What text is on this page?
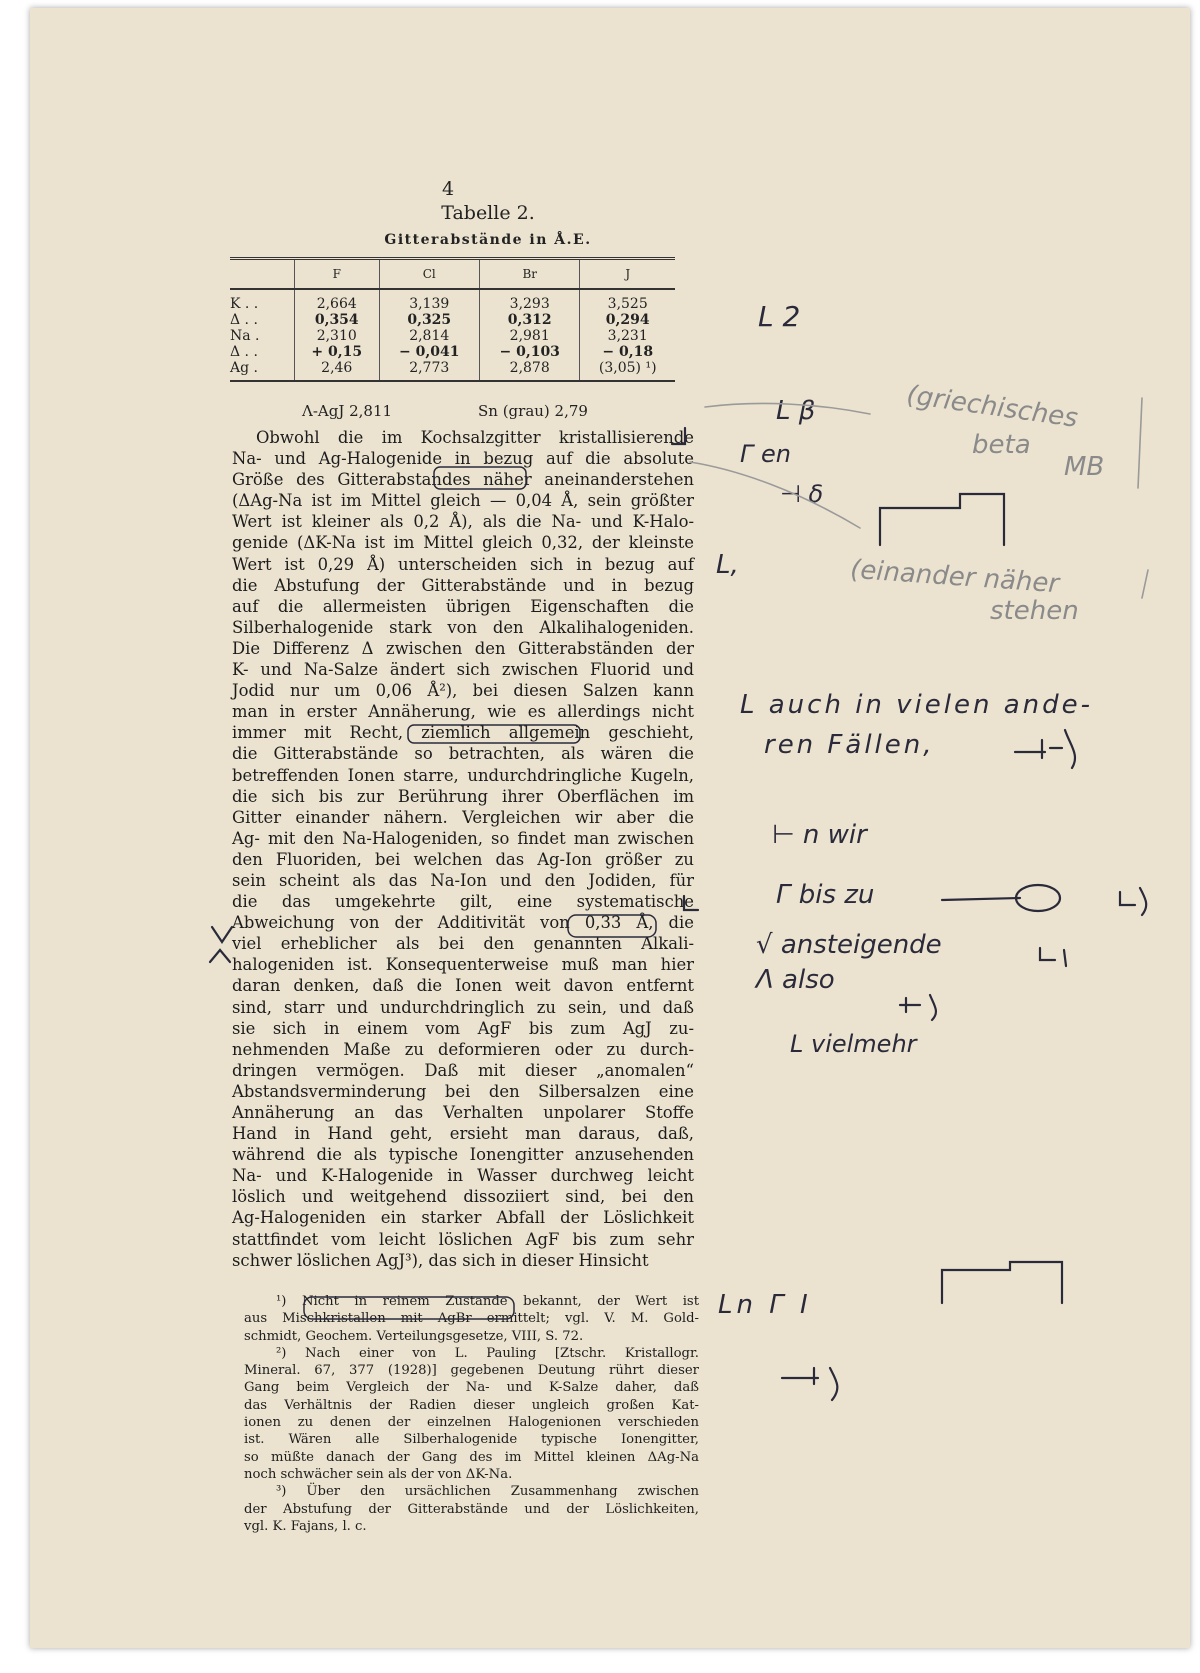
4
Tabelle 2.
Gitterabstände in Å.E.
	F	Cl	Br	J
K . .	2,664	3,139	3,293	3,525
Δ . .	0,354	0,325	0,312	0,294
Na .	2,310	2,814	2,981	3,231
Δ . .	+ 0,15	− 0,041	− 0,103	− 0,18
Ag .	2,46	2,773	2,878	(3,05) ¹)
Λ-AgJ 2,811	Sn (grau) 2,79
Obwohl die im Kochsalzgitter kristallisierende
Na- und Ag-Halogenide in bezug auf die absolute
Größe des Gitterabstandes näher aneinanderstehen
(ΔAg-Na ist im Mittel gleich — 0,04 Å, sein größter
Wert ist kleiner als 0,2 Å), als die Na- und K-Halo-
genide (ΔK-Na ist im Mittel gleich 0,32, der kleinste
Wert ist 0,29 Å) unterscheiden sich in bezug auf
die Abstufung der Gitterabstände und in bezug
auf die allermeisten übrigen Eigenschaften die
Silberhalogenide stark von den Alkalihalogeniden.
Die Differenz Δ zwischen den Gitterabständen der
K- und Na-Salze ändert sich zwischen Fluorid und
Jodid nur um 0,06 Å²), bei diesen Salzen kann
man in erster Annäherung, wie es allerdings nicht
immer mit Recht, ziemlich allgemein geschieht,
die Gitterabstände so betrachten, als wären die
betreffenden Ionen starre, undurchdringliche Kugeln,
die sich bis zur Berührung ihrer Oberflächen im
Gitter einander nähern. Vergleichen wir aber die
Ag- mit den Na-Halogeniden, so findet man zwischen
den Fluoriden, bei welchen das Ag-Ion größer zu
sein scheint als das Na-Ion und den Jodiden, für
die das umgekehrte gilt, eine systematische
Abweichung von der Additivität von 0,33 Å, die
viel erheblicher als bei den genannten Alkali-
halogeniden ist. Konsequenterweise muß man hier
daran denken, daß die Ionen weit davon entfernt
sind, starr und undurchdringlich zu sein, und daß
sie sich in einem vom AgF bis zum AgJ zu-
nehmenden Maße zu deformieren oder zu durch-
dringen vermögen. Daß mit dieser „anomalen“
Abstandsverminderung bei den Silbersalzen eine
Annäherung an das Verhalten unpolarer Stoffe
Hand in Hand geht, ersieht man daraus, daß,
während die als typische Ionengitter anzusehenden
Na- und K-Halogenide in Wasser durchweg leicht
löslich und weitgehend dissoziiert sind, bei den
Ag-Halogeniden ein starker Abfall der Löslichkeit
stattfindet vom leicht löslichen AgF bis zum sehr
schwer löslichen AgJ³), das sich in dieser Hinsicht
¹) Nicht in reinem Zustande bekannt, der Wert ist
aus Mischkristallen mit AgBr ermittelt; vgl. V. M. Gold-
schmidt, Geochem. Verteilungsgesetze, VIII, S. 72.
²) Nach einer von L. Pauling [Ztschr. Kristallogr.
Mineral. 67, 377 (1928)] gegebenen Deutung rührt dieser
Gang beim Vergleich der Na- und K-Salze daher, daß
das Verhältnis der Radien dieser ungleich großen Kat-
ionen zu denen der einzelnen Halogenionen verschieden
ist. Wären alle Silberhalogenide typische Ionengitter,
so müßte danach der Gang des im Mittel kleinen ΔAg-Na
noch schwächer sein als der von ΔK-Na.
³) Über den ursächlichen Zusammenhang zwischen
der Abstufung der Gitterabstände und der Löslichkeiten,
vgl. K. Fajans, l. c.
L 2
L β	(griechisches
beta
MB
Γ en
⊣ δ
L,	(einander näher
stehen
L auch in vielen ande-
ren Fällen,
⊢ n wir
Γ bis zu
√ ansteigende
Λ also
L vielmehr
Ln Γ I
